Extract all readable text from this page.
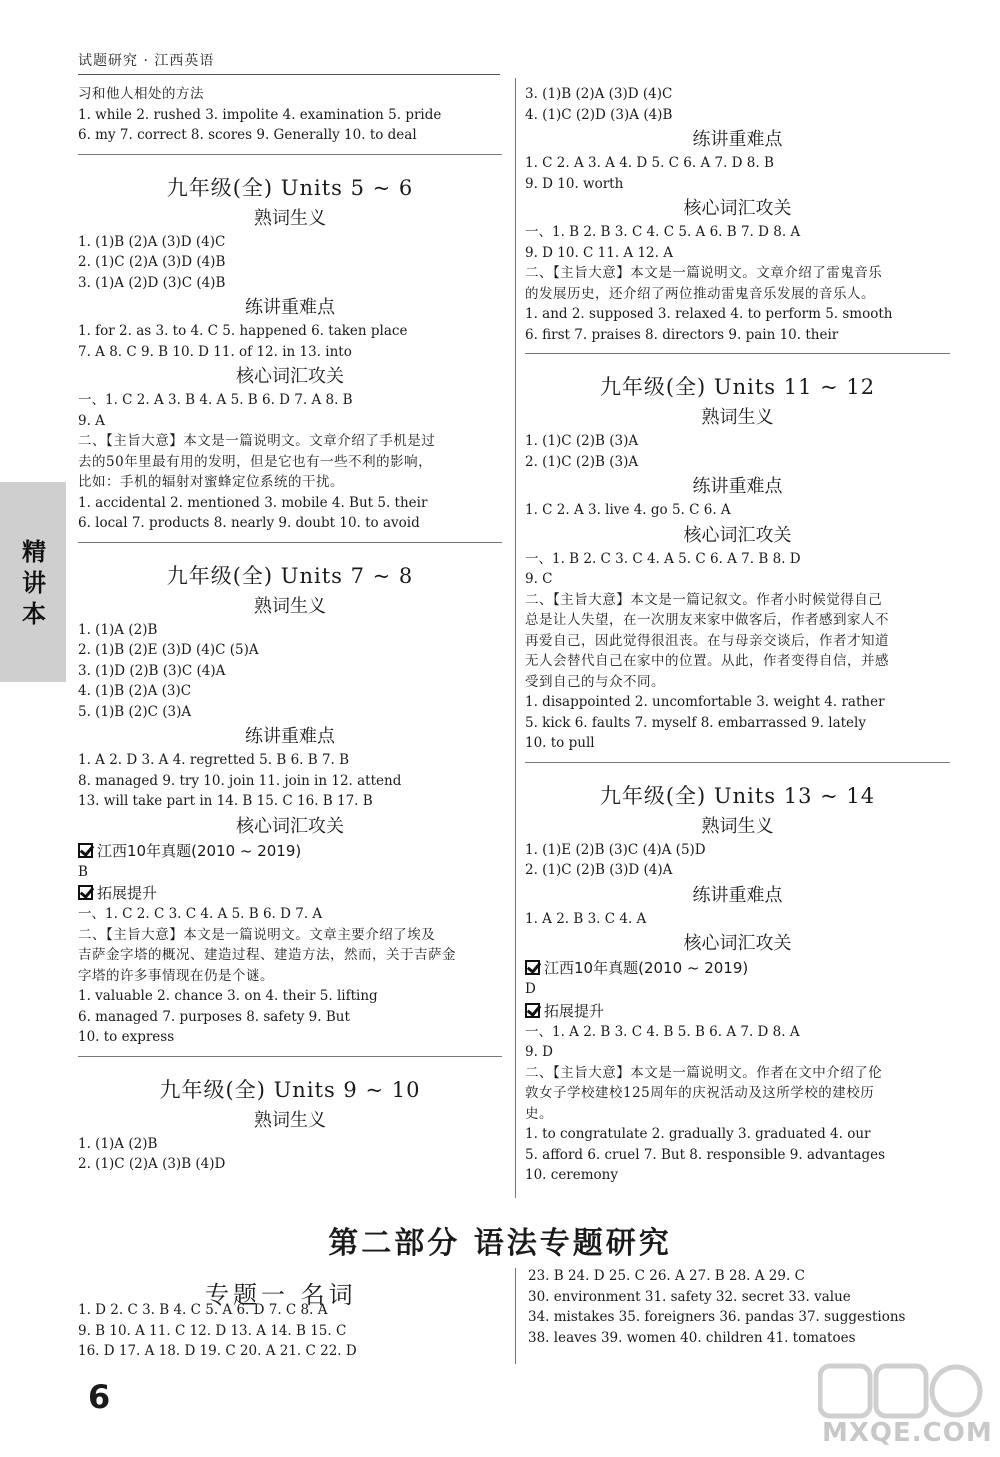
试题研究 · 江西英语
精
讲
本
习和他人相处的方法
1. while 2. rushed 3. impolite 4. examination 5. pride
6. my 7. correct 8. scores 9. Generally 10. to deal
九年级(全) Units 5 ~ 6
熟词生义
1. (1)B (2)A (3)D (4)C
2. (1)C (2)A (3)D (4)B
3. (1)A (2)D (3)C (4)B
练讲重难点
1. for 2. as 3. to 4. C 5. happened 6. taken place
7. A 8. C 9. B 10. D 11. of 12. in 13. into
核心词汇攻关
一、1. C 2. A 3. B 4. A 5. B 6. D 7. A 8. B
9. A
二、【主旨大意】本文是一篇说明文。文章介绍了手机是过
去的50年里最有用的发明，但是它也有一些不利的影响，
比如：手机的辐射对蜜蜂定位系统的干扰。
1. accidental 2. mentioned 3. mobile 4. But 5. their
6. local 7. products 8. nearly 9. doubt 10. to avoid
九年级(全) Units 7 ~ 8
熟词生义
1. (1)A (2)B
2. (1)B (2)E (3)D (4)C (5)A
3. (1)D (2)B (3)C (4)A
4. (1)B (2)A (3)C
5. (1)B (2)C (3)A
练讲重难点
1. A 2. D 3. A 4. regretted 5. B 6. B 7. B
8. managed 9. try 10. join 11. join in 12. attend
13. will take part in 14. B 15. C 16. B 17. B
核心词汇攻关
江西10年真题(2010 ~ 2019)
B
拓展提升
一、1. C 2. C 3. C 4. A 5. B 6. D 7. A
二、【主旨大意】本文是一篇说明文。文章主要介绍了埃及
吉萨金字塔的概况、建造过程、建造方法，然而，关于吉萨金
字塔的许多事情现在仍是个谜。
1. valuable 2. chance 3. on 4. their 5. lifting
6. managed 7. purposes 8. safety 9. But
10. to express
九年级(全) Units 9 ~ 10
熟词生义
1. (1)A (2)B
2. (1)C (2)A (3)B (4)D
3. (1)B (2)A (3)D (4)C
4. (1)C (2)D (3)A (4)B
练讲重难点
1. C 2. A 3. A 4. D 5. C 6. A 7. D 8. B
9. D 10. worth
核心词汇攻关
一、1. B 2. B 3. C 4. C 5. A 6. B 7. D 8. A
9. D 10. C 11. A 12. A
二、【主旨大意】本文是一篇说明文。文章介绍了雷鬼音乐
的发展历史，还介绍了两位推动雷鬼音乐发展的音乐人。
1. and 2. supposed 3. relaxed 4. to perform 5. smooth
6. first 7. praises 8. directors 9. pain 10. their
九年级(全) Units 11 ~ 12
熟词生义
1. (1)C (2)B (3)A
2. (1)C (2)B (3)A
练讲重难点
1. C 2. A 3. live 4. go 5. C 6. A
核心词汇攻关
一、1. B 2. C 3. C 4. A 5. C 6. A 7. B 8. D
9. C
二、【主旨大意】本文是一篇记叙文。作者小时候觉得自己
总是让人失望，在一次朋友来家中做客后，作者感到家人不
再爱自己，因此觉得很沮丧。在与母亲交谈后，作者才知道
无人会替代自己在家中的位置。从此，作者变得自信，并感
受到自己的与众不同。
1. disappointed 2. uncomfortable 3. weight 4. rather
5. kick 6. faults 7. myself 8. embarrassed 9. lately
10. to pull
九年级(全) Units 13 ~ 14
熟词生义
1. (1)E (2)B (3)C (4)A (5)D
2. (1)C (2)B (3)D (4)A
练讲重难点
1. A 2. B 3. C 4. A
核心词汇攻关
江西10年真题(2010 ~ 2019)
D
拓展提升
一、1. A 2. B 3. C 4. B 5. B 6. A 7. D 8. A
9. D
二、【主旨大意】本文是一篇说明文。作者在文中介绍了伦
敦女子学校建校125周年的庆祝活动及这所学校的建校历
史。
1. to congratulate 2. gradually 3. graduated 4. our
5. afford 6. cruel 7. But 8. responsible 9. advantages
10. ceremony
第二部分 语法专题研究
专题一 名词
1. D 2. C 3. B 4. C 5. A 6. D 7. C 8. A
9. B 10. A 11. C 12. D 13. A 14. B 15. C
16. D 17. A 18. D 19. C 20. A 21. C 22. D
23. B 24. D 25. C 26. A 27. B 28. A 29. C
30. environment 31. safety 32. secret 33. value
34. mistakes 35. foreigners 36. pandas 37. suggestions
38. leaves 39. women 40. children 41. tomatoes
6
MXQE.COM
